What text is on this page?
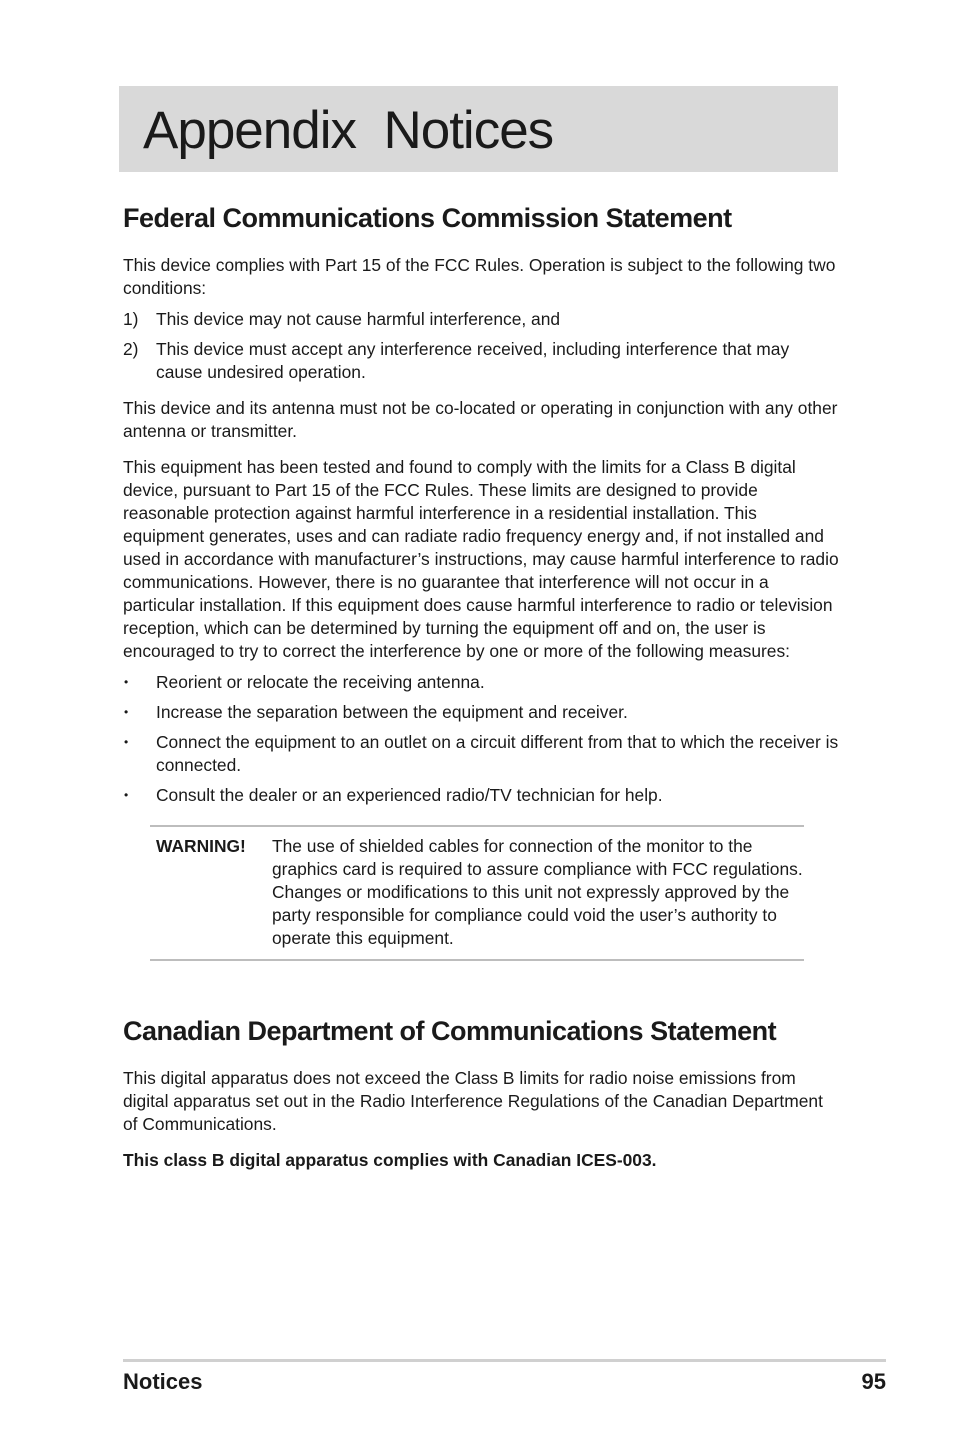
Appendix  Notices
Federal Communications Commission Statement

This device complies with Part 15 of the FCC Rules. Operation is subject to the following two conditions:

1) This device may not cause harmful interference, and
2) This device must accept any interference received, including interference that may cause undesired operation.

This device and its antenna must not be co-located or operating in conjunction with any other antenna or transmitter.

This equipment has been tested and found to comply with the limits for a Class B digital device, pursuant to Part 15 of the FCC Rules. These limits are designed to provide reasonable protection against harmful interference in a residential installation. This equipment generates, uses and can radiate radio frequency energy and, if not installed and used in accordance with manufacturer’s instructions, may cause harmful interference to radio communications. However, there is no guarantee that interference will not occur in a particular installation. If this equipment does cause harmful interference to radio or television reception, which can be determined by turning the equipment off and on, the user is encouraged to try to correct the interference by one or more of the following measures:

• Reorient or relocate the receiving antenna.
• Increase the separation between the equipment and receiver.
• Connect the equipment to an outlet on a circuit different from that to which the receiver is connected.
• Consult the dealer or an experienced radio/TV technician for help.
WARNING! The use of shielded cables for connection of the monitor to the graphics card is required to assure compliance with FCC regulations. Changes or modifications to this unit not expressly approved by the party responsible for compliance could void the user’s authority to operate this equipment.

Canadian Department of Communications Statement

This digital apparatus does not exceed the Class B limits for radio noise emissions from digital apparatus set out in the Radio Interference Regulations of the Canadian Department of Communications.

This class B digital apparatus complies with Canadian ICES-003.

Notices	95
